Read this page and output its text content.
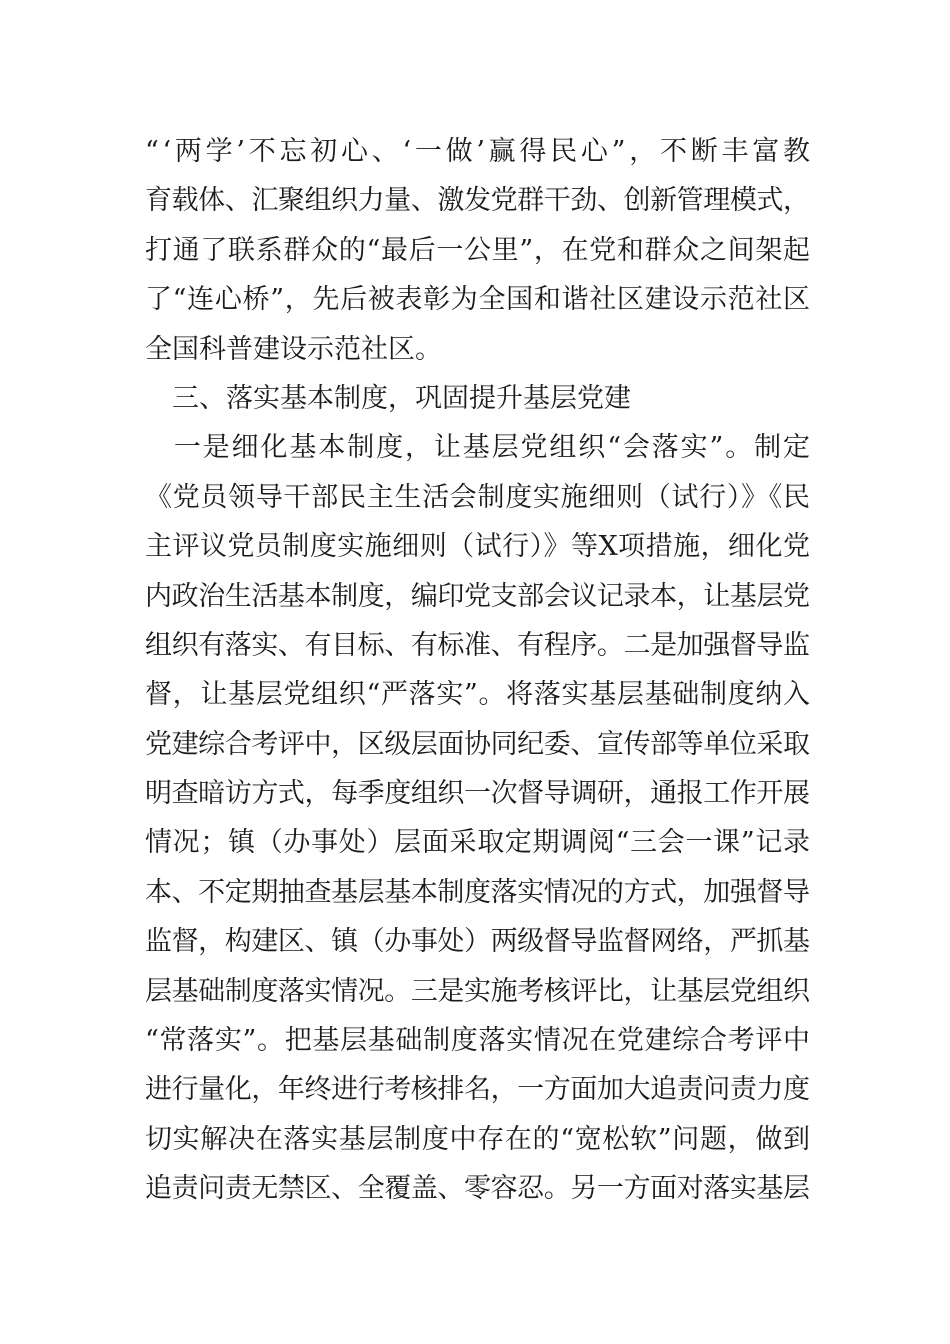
“‘两学’不忘初心、‘一做’赢得民心”，不断丰富教
育载体、汇聚组织力量、激发党群干劲、创新管理模式，
打通了联系群众的“最后一公里”，在党和群众之间架起
了“连心桥”，先后被表彰为全国和谐社区建设示范社区
全国科普建设示范社区。
　三、落实基本制度，巩固提升基层党建
　一是细化基本制度，让基层党组织“会落实”。制定
《党员领导干部民主生活会制度实施细则（试行）》《民
主评议党员制度实施细则（试行）》等X项措施，细化党
内政治生活基本制度，编印党支部会议记录本，让基层党
组织有落实、有目标、有标准、有程序。二是加强督导监
督，让基层党组织“严落实”。将落实基层基础制度纳入
党建综合考评中，区级层面协同纪委、宣传部等单位采取
明查暗访方式，每季度组织一次督导调研，通报工作开展
情况；镇（办事处）层面采取定期调阅“三会一课”记录
本、不定期抽查基层基本制度落实情况的方式，加强督导
监督，构建区、镇（办事处）两级督导监督网络，严抓基
层基础制度落实情况。三是实施考核评比，让基层党组织
“常落实”。把基层基础制度落实情况在党建综合考评中
进行量化，年终进行考核排名，一方面加大追责问责力度
切实解决在落实基层制度中存在的“宽松软”问题，做到
追责问责无禁区、全覆盖、零容忍。另一方面对落实基层
